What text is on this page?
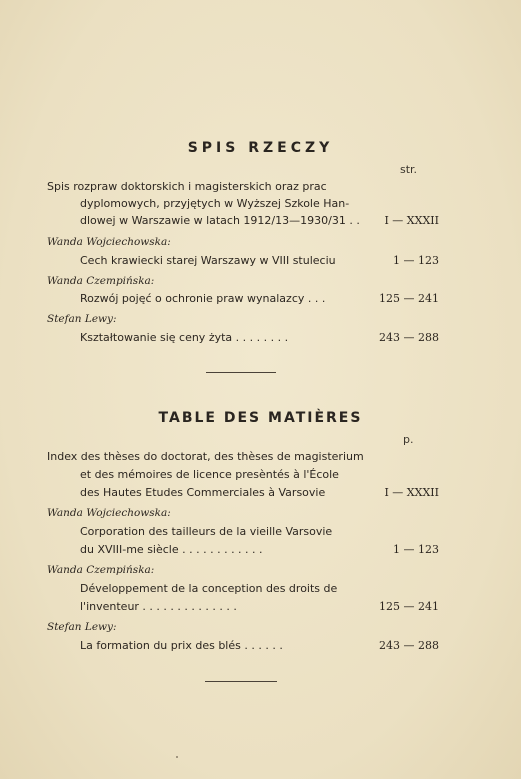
SPIS RZECZY
str.
Spis rozpraw doktorskich i magisterskich oraz prac
dyplomowych, przyjętych w Wyższej Szkole Han-
dlowej w Warszawie w latach 1912/13—1930/31 . . I — XXXII
Wanda Wojciechowska:
Cech krawiecki starej Warszawy w VIII stuleciu	1 — 123
Wanda Czempińska:
Rozwój pojęć o ochronie praw wynalazcy . . .	125 — 241
Stefan Lewy:
Kształtowanie się ceny żyta . . . . . . . .	243 — 288
TABLE DES MATIÈRES
p.
Index des thèses do doctorat, des thèses de magisterium
et des mémoires de licence presèntés à l'École
des Hautes Etudes Commerciales à Varsovie	I — XXXII
Wanda Wojciechowska:
Corporation des tailleurs de la vieille Varsovie
du XVIII-me siècle . . . . . . . . . . . .	1 — 123
Wanda Czempińska:
Développement de la conception des droits de
l'inventeur . . . . . . . . . . . . . .	125 — 241
Stefan Lewy:
La formation du prix des blés . . . . . .	243 — 288
